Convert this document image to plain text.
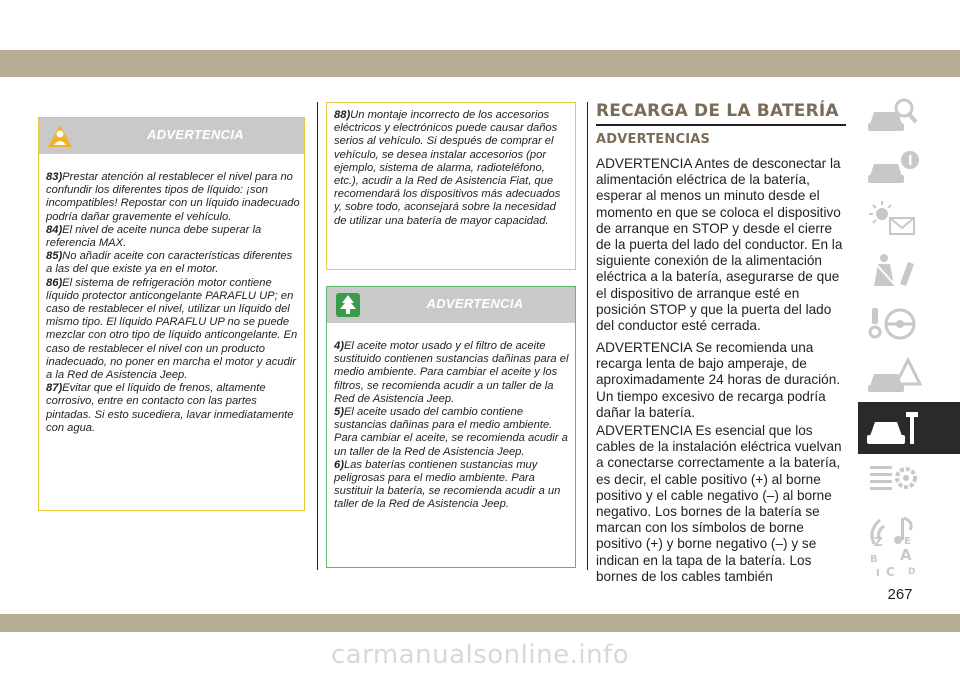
ADVERTENCIA

83)Prestar atención al restablecer el nivel para no confundir los diferentes tipos de líquido: ¡son incompatibles! Repostar con un líquido inadecuado podría dañar gravemente el vehículo.

84)El nivel de aceite nunca debe superar la referencia MAX.

85)No añadir aceite con características diferentes a las del que existe ya en el motor.

86)El sistema de refrigeración motor contiene líquido protector anticongelante PARAFLU UP; en caso de restablecer el nivel, utilizar un líquido del mismo tipo. El líquido PARAFLU UP no se puede mezclar con otro tipo de líquido anticongelante. En caso de restablecer el nivel con un producto inadecuado, no poner en marcha el motor y acudir a la Red de Asistencia Jeep.

87)Evitar que el líquido de frenos, altamente corrosivo, entre en contacto con las partes pintadas. Si esto sucediera, lavar inmediatamente con agua.

88)Un montaje incorrecto de los accesorios eléctricos y electrónicos puede causar daños serios al vehículo. Si después de comprar el vehículo, se desea instalar accesorios (por ejemplo, sistema de alarma, radioteléfono, etc.), acudir a la Red de Asistencia Fiat, que recomendará los dispositivos más adecuados y, sobre todo, aconsejará sobre la necesidad de utilizar una batería de mayor capacidad.

ADVERTENCIA

4)El aceite motor usado y el filtro de aceite sustituido contienen sustancias dañinas para el medio ambiente. Para cambiar el aceite y los filtros, se recomienda acudir a un taller de la Red de Asistencia Jeep.

5)El aceite usado del cambio contiene sustancias dañinas para el medio ambiente. Para cambiar el aceite, se recomienda acudir a un taller de la Red de Asistencia Jeep.

6)Las baterías contienen sustancias muy peligrosas para el medio ambiente. Para sustituir la batería, se recomienda acudir a un taller de la Red de Asistencia Jeep.

RECARGA DE LA BATERÍA
ADVERTENCIAS

ADVERTENCIA Antes de desconectar la alimentación eléctrica de la batería, esperar al menos un minuto desde el momento en que se coloca el dispositivo de arranque en STOP y desde el cierre de la puerta del lado del conductor. En la siguiente conexión de la alimentación eléctrica a la batería, asegurarse de que el dispositivo de arranque esté en posición STOP y que la puerta del lado del conductor esté cerrada.

ADVERTENCIA Se recomienda una recarga lenta de bajo amperaje, de aproximadamente 24 horas de duración. Un tiempo excesivo de recarga podría dañar la batería.

ADVERTENCIA Es esencial que los cables de la instalación eléctrica vuelvan a conectarse correctamente a la batería, es decir, el cable positivo (+) al borne positivo y el cable negativo (–) al borne negativo. Los bornes de la batería se marcan con los símbolos de borne positivo (+) y borne negativo (–) y se indican en la tapa de la batería. Los bornes de los cables también

Z E
A
B
C D
I
267
carmanualsonline.info
